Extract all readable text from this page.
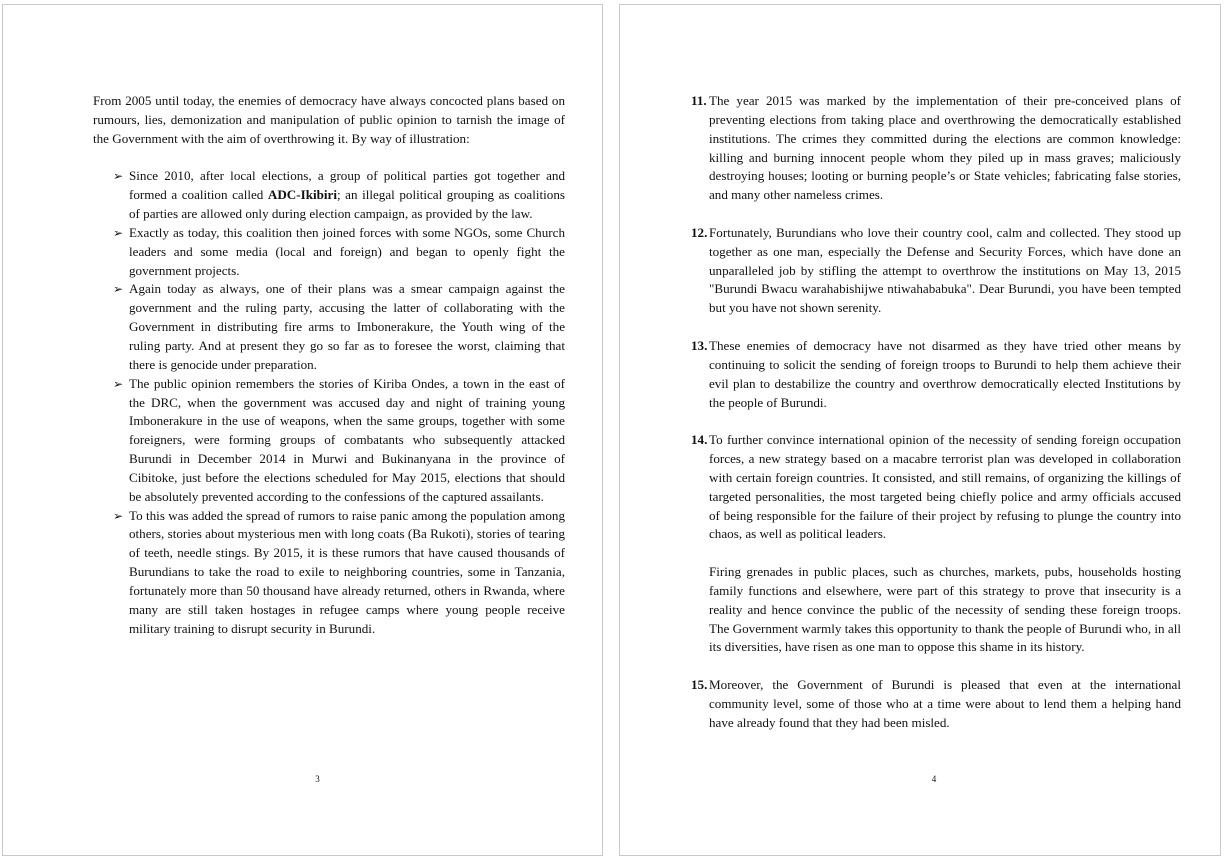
From 2005 until today, the enemies of democracy have always concocted plans based on rumours, lies, demonization and manipulation of public opinion to tarnish the image of the Government with the aim of overthrowing it. By way of illustration:

➢ Since 2010, after local elections, a group of political parties got together and formed a coalition called ADC-Ikibiri; an illegal political grouping as coalitions of parties are allowed only during election campaign, as provided by the law.
➢ Exactly as today, this coalition then joined forces with some NGOs, some Church leaders and some media (local and foreign) and began to openly fight the government projects.
➢ Again today as always, one of their plans was a smear campaign against the government and the ruling party, accusing the latter of collaborating with the Government in distributing fire arms to Imbonerakure, the Youth wing of the ruling party. And at present they go so far as to foresee the worst, claiming that there is genocide under preparation.
➢ The public opinion remembers the stories of Kiriba Ondes, a town in the east of the DRC, when the government was accused day and night of training young Imbonerakure in the use of weapons, when the same groups, together with some foreigners, were forming groups of combatants who subsequently attacked Burundi in December 2014 in Murwi and Bukinanyana in the province of Cibitoke, just before the elections scheduled for May 2015, elections that should be absolutely prevented according to the confessions of the captured assailants.
➢ To this was added the spread of rumors to raise panic among the population among others, stories about mysterious men with long coats (Ba Rukoti), stories of tearing of teeth, needle stings. By 2015, it is these rumors that have caused thousands of Burundians to take the road to exile to neighboring countries, some in Tanzania, fortunately more than 50 thousand have already returned, others in Rwanda, where many are still taken hostages in refugee camps where young people receive military training to disrupt security in Burundi.
3
11. The year 2015 was marked by the implementation of their pre-conceived plans of preventing elections from taking place and overthrowing the democratically established institutions. The crimes they committed during the elections are common knowledge: killing and burning innocent people whom they piled up in mass graves; maliciously destroying houses; looting or burning people’s or State vehicles; fabricating false stories, and many other nameless crimes.
12. Fortunately, Burundians who love their country cool, calm and collected. They stood up together as one man, especially the Defense and Security Forces, which have done an unparalleled job by stifling the attempt to overthrow the institutions on May 13, 2015 "Burundi Bwacu warahabishijwe ntiwahababuka". Dear Burundi, you have been tempted but you have not shown serenity.
13. These enemies of democracy have not disarmed as they have tried other means by continuing to solicit the sending of foreign troops to Burundi to help them achieve their evil plan to destabilize the country and overthrow democratically elected Institutions by the people of Burundi.
14. To further convince international opinion of the necessity of sending foreign occupation forces, a new strategy based on a macabre terrorist plan was developed in collaboration with certain foreign countries. It consisted, and still remains, of organizing the killings of targeted personalities, the most targeted being chiefly police and army officials accused of being responsible for the failure of their project by refusing to plunge the country into chaos, as well as political leaders.

Firing grenades in public places, such as churches, markets, pubs, households hosting family functions and elsewhere, were part of this strategy to prove that insecurity is a reality and hence convince the public of the necessity of sending these foreign troops. The Government warmly takes this opportunity to thank the people of Burundi who, in all its diversities, have risen as one man to oppose this shame in its history.

15. Moreover, the Government of Burundi is pleased that even at the international community level, some of those who at a time were about to lend them a helping hand have already found that they had been misled.
4
